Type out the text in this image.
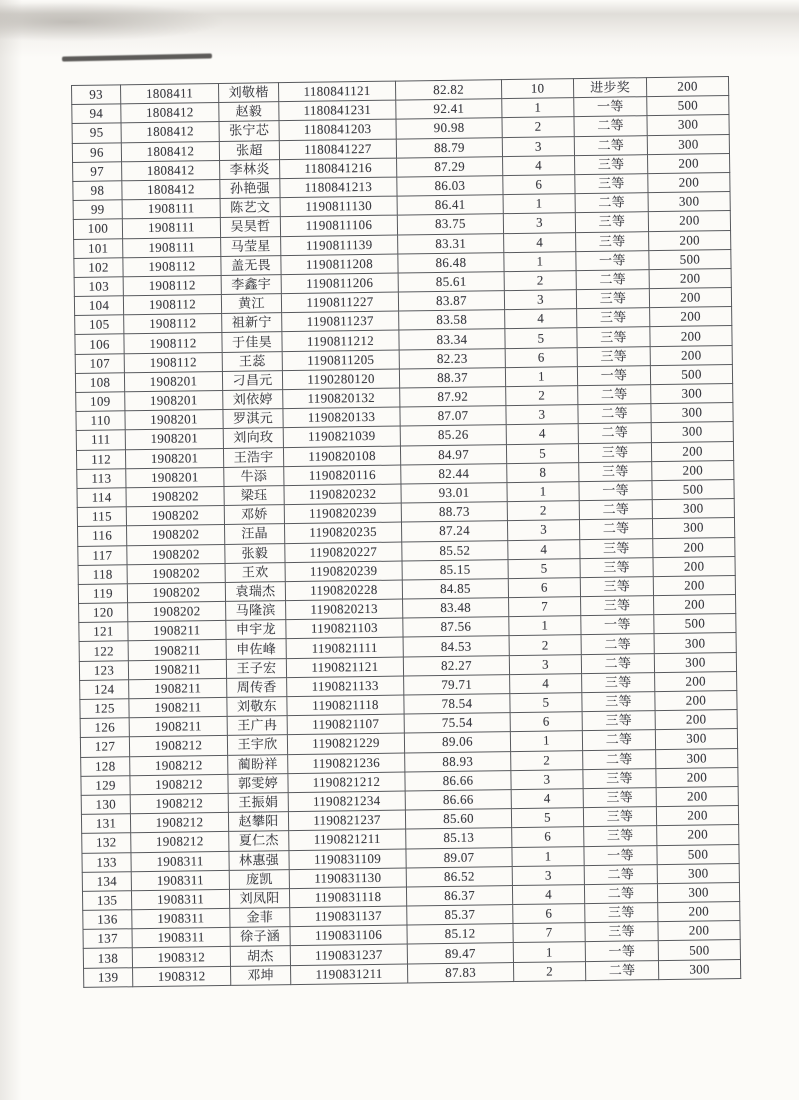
93	1808411	刘敬楷	1180841121	82.82	10	进步奖	200
94	1808412	赵毅	1180841231	92.41	1	一等	500
95	1808412	张宁芯	1180841203	90.98	2	二等	300
96	1808412	张超	1180841227	88.79	3	二等	300
97	1808412	李林炎	1180841216	87.29	4	三等	200
98	1808412	孙艳强	1180841213	86.03	6	三等	200
99	1908111	陈艺文	1190811130	86.41	1	二等	300
100	1908111	吴昊哲	1190811106	83.75	3	三等	200
101	1908111	马莹星	1190811139	83.31	4	三等	200
102	1908112	盖无畏	1190811208	86.48	1	一等	500
103	1908112	李鑫宇	1190811206	85.61	2	二等	200
104	1908112	黄江	1190811227	83.87	3	三等	200
105	1908112	祖新宁	1190811237	83.58	4	三等	200
106	1908112	于佳昊	1190811212	83.34	5	三等	200
107	1908112	王蕊	1190811205	82.23	6	三等	200
108	1908201	刁昌元	1190280120	88.37	1	一等	500
109	1908201	刘依婷	1190820132	87.92	2	二等	300
110	1908201	罗淇元	1190820133	87.07	3	二等	300
111	1908201	刘向玫	1190821039	85.26	4	二等	300
112	1908201	王浩宇	1190820108	84.97	5	三等	200
113	1908201	牛添	1190820116	82.44	8	三等	200
114	1908202	梁珏	1190820232	93.01	1	一等	500
115	1908202	邓娇	1190820239	88.73	2	二等	300
116	1908202	汪晶	1190820235	87.24	3	二等	300
117	1908202	张毅	1190820227	85.52	4	三等	200
118	1908202	王欢	1190820239	85.15	5	三等	200
119	1908202	袁瑞杰	1190820228	84.85	6	三等	200
120	1908202	马隆滨	1190820213	83.48	7	三等	200
121	1908211	申宇龙	1190821103	87.56	1	一等	500
122	1908211	申佐峰	1190821111	84.53	2	二等	300
123	1908211	王子宏	1190821121	82.27	3	二等	300
124	1908211	周传香	1190821133	79.71	4	三等	200
125	1908211	刘敬东	1190821118	78.54	5	三等	200
126	1908211	王广冉	1190821107	75.54	6	三等	200
127	1908212	王宇欣	1190821229	89.06	1	二等	300
128	1908212	蔺盼祥	1190821236	88.93	2	二等	300
129	1908212	郭雯婷	1190821212	86.66	3	三等	200
130	1908212	王振娟	1190821234	86.66	4	三等	200
131	1908212	赵攀阳	1190821237	85.60	5	三等	200
132	1908212	夏仁杰	1190821211	85.13	6	三等	200
133	1908311	林惠强	1190831109	89.07	1	一等	500
134	1908311	庞凯	1190831130	86.52	3	二等	300
135	1908311	刘凤阳	1190831118	86.37	4	二等	300
136	1908311	金菲	1190831137	85.37	6	三等	200
137	1908311	徐子涵	1190831106	85.12	7	三等	200
138	1908312	胡杰	1190831237	89.47	1	一等	500
139	1908312	邓坤	1190831211	87.83	2	二等	300
